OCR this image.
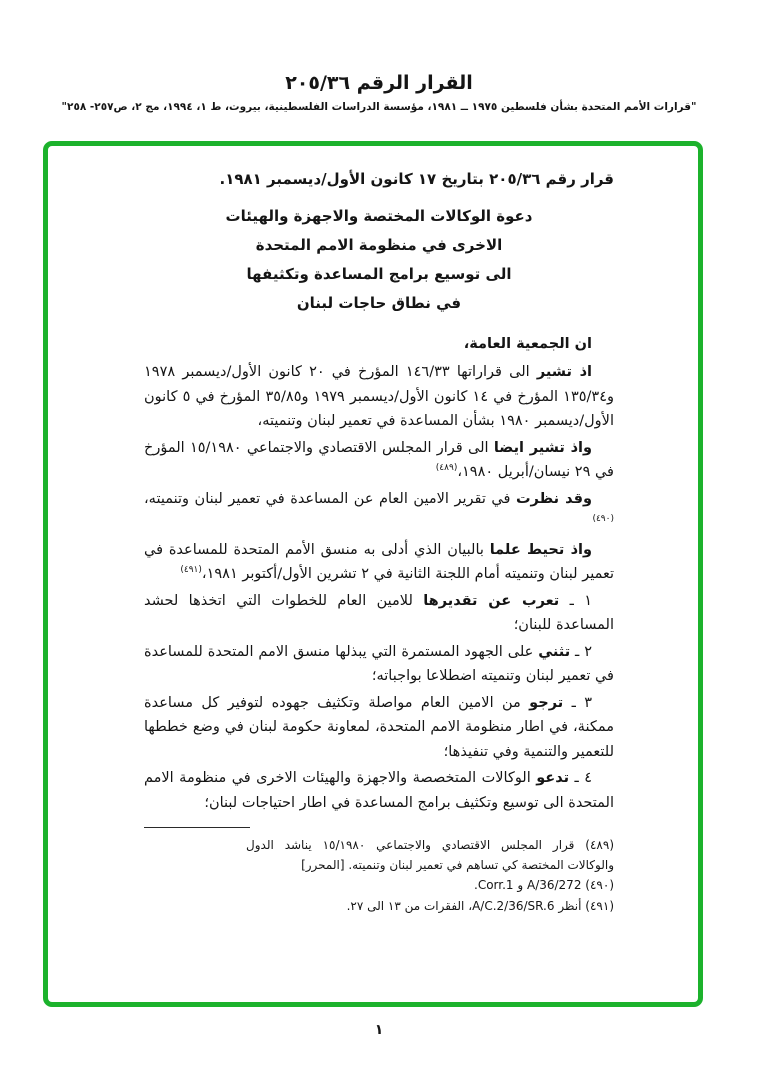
القرار الرقم ٢٠٥/٣٦
"قرارات الأمم المتحدة بشأن فلسطين ١٩٧٥ ــ ١٩٨١، مؤسسة الدراسات الفلسطينية، بيروت، ط ١، ١٩٩٤، مج ٢، ص٢٥٧- ٢٥٨"
قرار رقم ٢٠٥/٣٦ بتاريخ ١٧ كانون الأول/ديسمبر ١٩٨١.
دعوة الوكالات المختصة والاجهزة والهيئات
الاخرى في منظومة الامم المتحدة
الى توسيع برامج المساعدة وتكثيفها
في نطاق حاجات لبنان
ان الجمعية العامة،

اذ تشير الى قراراتها ١٤٦/٣٣ المؤرخ في ٢٠ كانون الأول/ديسمبر ١٩٧٨ و١٣٥/٣٤ المؤرخ في ١٤ كانون الأول/ديسمبر ١٩٧٩ و٣٥/٨٥ المؤرخ في ٥ كانون الأول/ديسمبر ١٩٨٠ بشأن المساعدة في تعمير لبنان وتنميته،

واذ تشير ايضا الى قرار المجلس الاقتصادي والاجتماعي ١٥/١٩٨٠ المؤرخ في ٢٩ نيسان/أبريل ١٩٨٠،$^{(٤٨٩)}$

وقد نظرت في تقرير الامين العام عن المساعدة في تعمير لبنان وتنميته،$^{(٤٩٠)}$

واذ تحيط علما بالبيان الذي أدلى به منسق الأمم المتحدة للمساعدة في تعمير لبنان وتنميته أمام اللجنة الثانية في ٢ تشرين الأول/أكتوبر ١٩٨١،$^{(٤٩١)}$

١ ـ تعرب عن تقديرها للامين العام للخطوات التي اتخذها لحشد المساعدة للبنان؛

٢ ـ تثني على الجهود المستمرة التي يبذلها منسق الامم المتحدة للمساعدة في تعمير لبنان وتنميته اضطلاعا بواجباته؛

٣ ـ ترجو من الامين العام مواصلة وتكثيف جهوده لتوفير كل مساعدة ممكنة، في اطار منظومة الامم المتحدة، لمعاونة حكومة لبنان في وضع خططها للتعمير والتنمية وفي تنفيذها؛

٤ ـ تدعو الوكالات المتخصصة والاجهزة والهيئات الاخرى في منظومة الامم المتحدة الى توسيع وتكثيف برامج المساعدة في اطار احتياجات لبنان؛

(٤٨٩) قرار المجلس الاقتصادي والاجتماعي ١٥/١٩٨٠ يناشد الدول والوكالات المختصة كي تساهم في تعمير لبنان وتنميته. [المحرر]
(٤٩٠) A/36/272 و Corr.1.
(٤٩١) أنظر A/C.2/36/SR.6، الفقرات من ١٣ الى ٢٧.
١
